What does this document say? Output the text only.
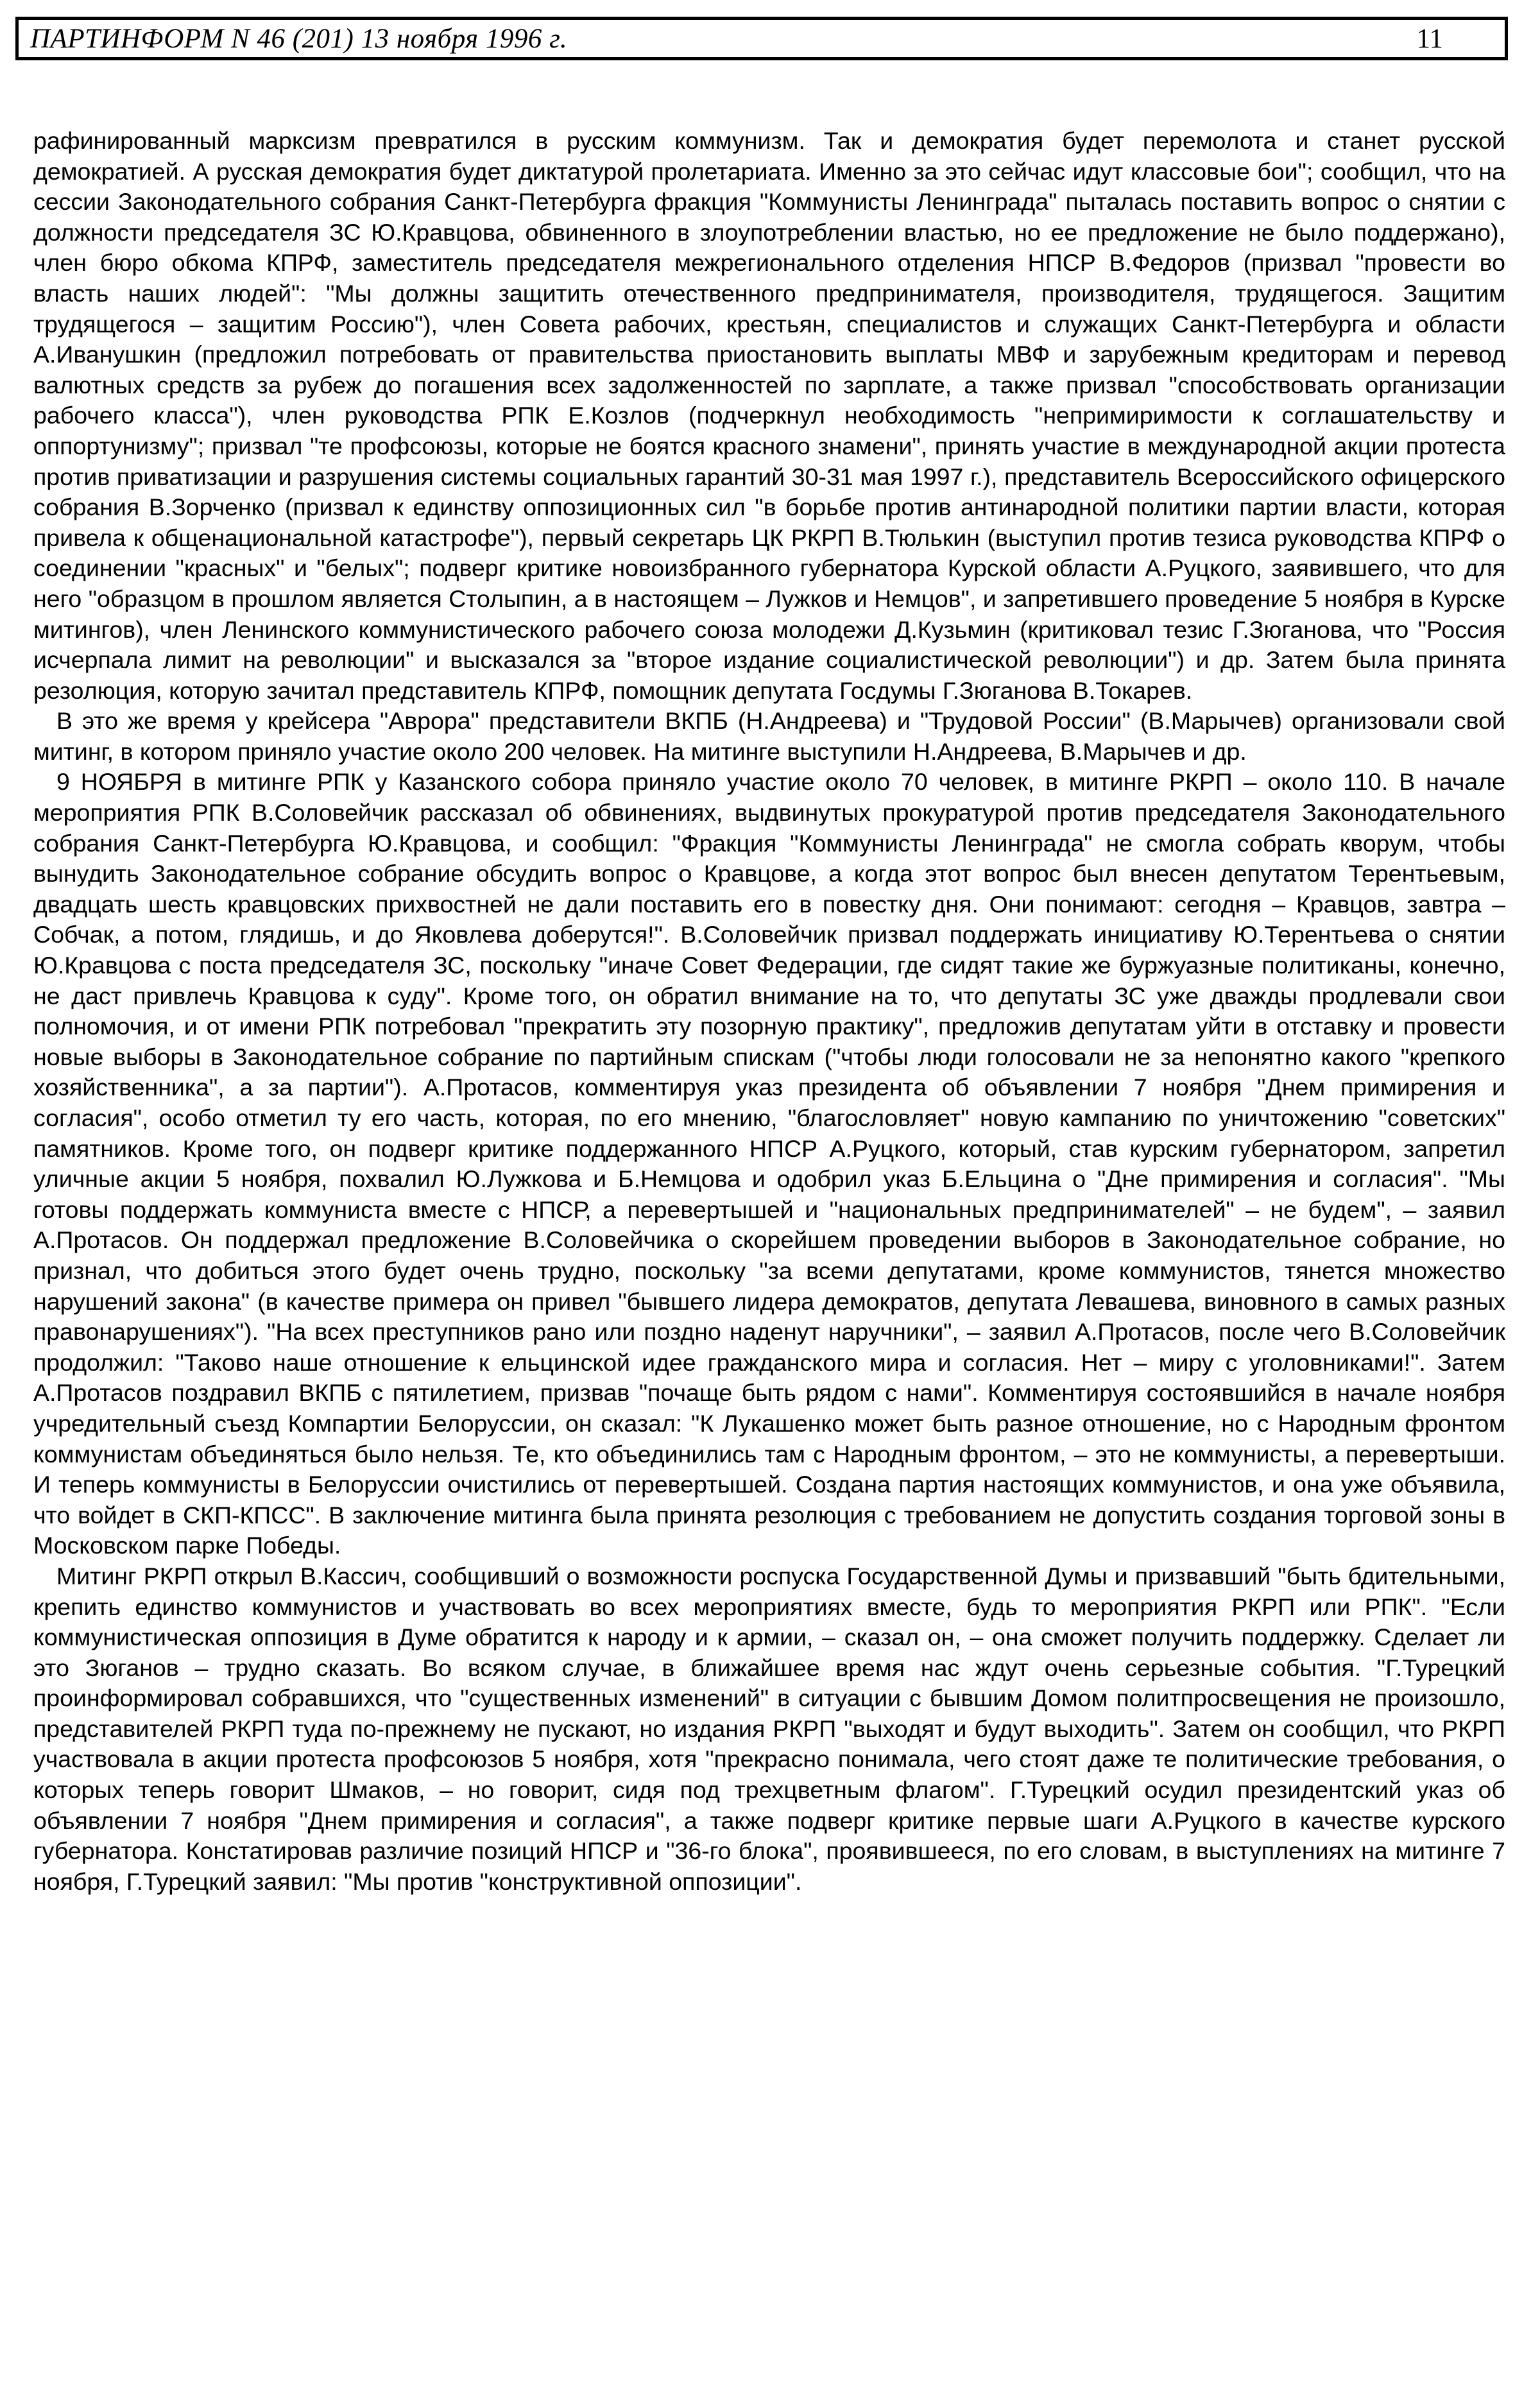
ПАРТИНФОРМ N 46 (201) 13 ноября 1996 г.	11

рафинированный марксизм превратился в русским коммунизм. Так и демократия будет перемолота и станет русской демократией. А русская демократия будет диктатурой пролетариата. Именно за это сейчас идут классовые бои"; сообщил, что на сессии Законодательного собрания Санкт-Петербурга фракция "Коммунисты Ленинграда" пыталась поставить вопрос о снятии с должности председателя ЗС Ю.Кравцова, обвиненного в злоупотреблении властью, но ее предложение не было поддержано), член бюро обкома КПРФ, заместитель председателя межрегионального отделения НПСР В.Федоров (призвал "провести во власть наших людей": "Мы должны защитить отечественного предпринимателя, производителя, трудящегося. Защитим трудящегося – защитим Россию"), член Совета рабочих, крестьян, специалистов и служащих Санкт-Петербурга и области А.Иванушкин (предложил потребовать от правительства приостановить выплаты МВФ и зарубежным кредиторам и перевод валютных средств за рубеж до погашения всех задолженностей по зарплате, а также призвал "способствовать организации рабочего класса"), член руководства РПК Е.Козлов (подчеркнул необходимость "непримиримости к соглашательству и оппортунизму"; призвал "те профсоюзы, которые не боятся красного знамени", принять участие в международной акции протеста против приватизации и разрушения системы социальных гарантий 30-31 мая 1997 г.), представитель Всероссийского офицерского собрания В.Зорченко (призвал к единству оппозиционных сил "в борьбе против антинародной политики партии власти, которая привела к общенациональной катастрофе"), первый секретарь ЦК РКРП В.Тюлькин (выступил против тезиса руководства КПРФ о соединении "красных" и "белых"; подверг критике новоизбранного губернатора Курской области А.Руцкого, заявившего, что для него "образцом в прошлом является Столыпин, а в настоящем – Лужков и Немцов", и запретившего проведение 5 ноября в Курске митингов), член Ленинского коммунистического рабочего союза молодежи Д.Кузьмин (критиковал тезис Г.Зюганова, что "Россия исчерпала лимит на революции" и высказался за "второе издание социалистической революции") и др. Затем была принята резолюция, которую зачитал представитель КПРФ, помощник депутата Госдумы Г.Зюганова В.Токарев.

В это же время у крейсера "Аврора" представители ВКПБ (Н.Андреева) и "Трудовой России" (В.Марычев) организовали свой митинг, в котором приняло участие около 200 человек. На митинге выступили Н.Андреева, В.Марычев и др.

9 НОЯБРЯ в митинге РПК у Казанского собора приняло участие около 70 человек, в митинге РКРП – около 110. В начале мероприятия РПК В.Соловейчик рассказал об обвинениях, выдвинутых прокуратурой против председателя Законодательного собрания Санкт-Петербурга Ю.Кравцова, и сообщил: "Фракция "Коммунисты Ленинграда" не смогла собрать кворум, чтобы вынудить Законодательное собрание обсудить вопрос о Кравцове, а когда этот вопрос был внесен депутатом Терентьевым, двадцать шесть кравцовских прихвостней не дали поставить его в повестку дня. Они понимают: сегодня – Кравцов, завтра – Собчак, а потом, глядишь, и до Яковлева доберутся!". В.Соловейчик призвал поддержать инициативу Ю.Терентьева о снятии Ю.Кравцова с поста председателя ЗС, поскольку "иначе Совет Федерации, где сидят такие же буржуазные политиканы, конечно, не даст привлечь Кравцова к суду". Кроме того, он обратил внимание на то, что депутаты ЗС уже дважды продлевали свои полномочия, и от имени РПК потребовал "прекратить эту позорную практику", предложив депутатам уйти в отставку и провести новые выборы в Законодательное собрание по партийным спискам ("чтобы люди голосовали не за непонятно какого "крепкого хозяйственника", а за партии"). А.Протасов, комментируя указ президента об объявлении 7 ноября "Днем примирения и согласия", особо отметил ту его часть, которая, по его мнению, "благословляет" новую кампанию по уничтожению "советских" памятников. Кроме того, он подверг критике поддержанного НПСР А.Руцкого, который, став курским губернатором, запретил уличные акции 5 ноября, похвалил Ю.Лужкова и Б.Немцова и одобрил указ Б.Ельцина о "Дне примирения и согласия". "Мы готовы поддержать коммуниста вместе с НПСР, а перевертышей и "национальных предпринимателей" – не будем", – заявил А.Протасов. Он поддержал предложение В.Соловейчика о скорейшем проведении выборов в Законодательное собрание, но признал, что добиться этого будет очень трудно, поскольку "за всеми депутатами, кроме коммунистов, тянется множество нарушений закона" (в качестве примера он привел "бывшего лидера демократов, депутата Левашева, виновного в самых разных правонарушениях"). "На всех преступников рано или поздно наденут наручники", – заявил А.Протасов, после чего В.Соловейчик продолжил: "Таково наше отношение к ельцинской идее гражданского мира и согласия. Нет – миру с уголовниками!". Затем А.Протасов поздравил ВКПБ с пятилетием, призвав "почаще быть рядом с нами". Комментируя состоявшийся в начале ноября учредительный съезд Компартии Белоруссии, он сказал: "К Лукашенко может быть разное отношение, но с Народным фронтом коммунистам объединяться было нельзя. Те, кто объединились там с Народным фронтом, – это не коммунисты, а перевертыши. И теперь коммунисты в Белоруссии очистились от перевертышей. Создана партия настоящих коммунистов, и она уже объявила, что войдет в СКП-КПСС". В заключение митинга была принята резолюция с требованием не допустить создания торговой зоны в Московском парке Победы.

Митинг РКРП открыл В.Кассич, сообщивший о возможности роспуска Государственной Думы и призвавший "быть бдительными, крепить единство коммунистов и участвовать во всех мероприятиях вместе, будь то мероприятия РКРП или РПК". "Если коммунистическая оппозиция в Думе обратится к народу и к армии, – сказал он, – она сможет получить поддержку. Сделает ли это Зюганов – трудно сказать. Во всяком случае, в ближайшее время нас ждут очень серьезные события. "Г.Турецкий проинформировал собравшихся, что "существенных изменений" в ситуации с бывшим Домом политпросвещения не произошло, представителей РКРП туда по-прежнему не пускают, но издания РКРП "выходят и будут выходить". Затем он сообщил, что РКРП участвовала в акции протеста профсоюзов 5 ноября, хотя "прекрасно понимала, чего стоят даже те политические требования, о которых теперь говорит Шмаков, – но говорит, сидя под трехцветным флагом". Г.Турецкий осудил президентский указ об объявлении 7 ноября "Днем примирения и согласия", а также подверг критике первые шаги А.Руцкого в качестве курского губернатора. Констатировав различие позиций НПСР и "36-го блока", проявившееся, по его словам, в выступлениях на митинге 7 ноября, Г.Турецкий заявил: "Мы против "конструктивной оппозиции".
